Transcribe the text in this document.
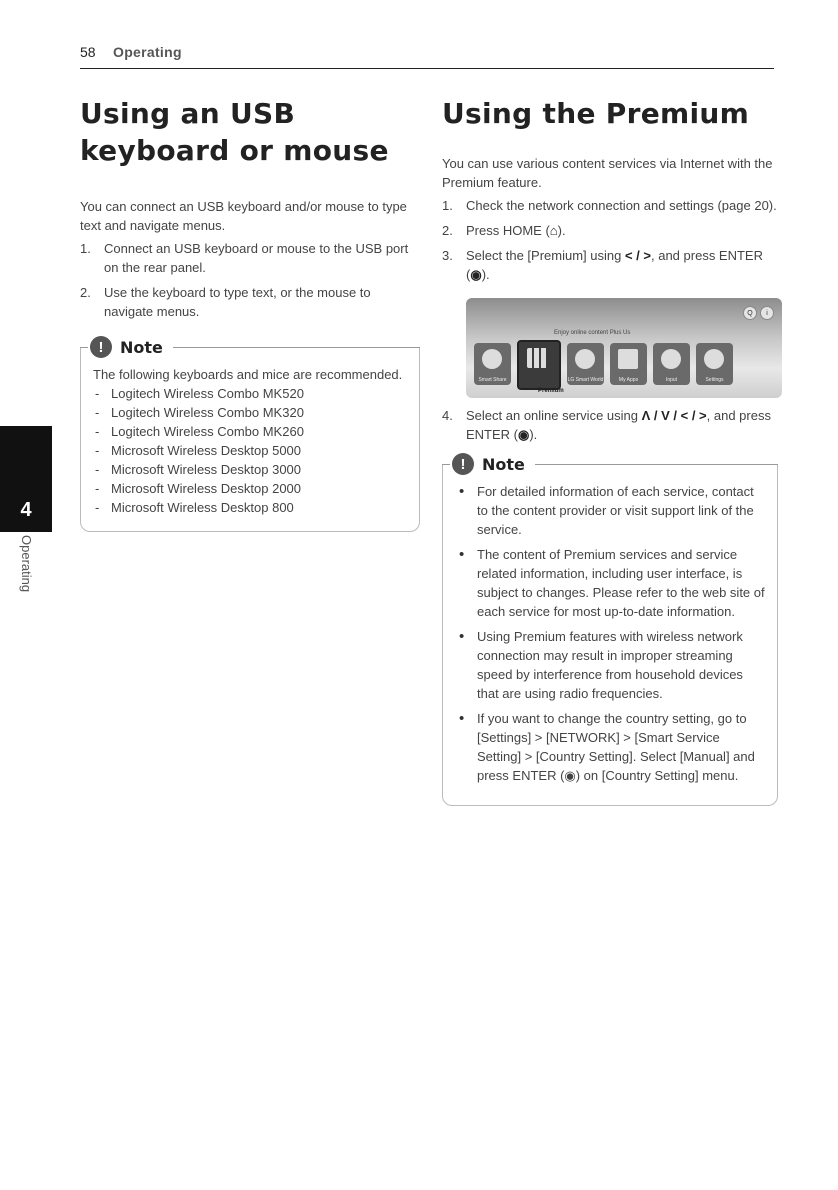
58 Operating
4
Operating
Using an USB keyboard or mouse
You can connect an USB keyboard and/or mouse to type text and navigate menus.
1. Connect an USB keyboard or mouse to the USB port on the rear panel.
2. Use the keyboard to type text, or the mouse to navigate menus.
!	Note
The following keyboards and mice are recommended.
- Logitech Wireless Combo MK520
- Logitech Wireless Combo MK320
- Logitech Wireless Combo MK260
- Microsoft Wireless Desktop 5000
- Microsoft Wireless Desktop 3000
- Microsoft Wireless Desktop 2000
- Microsoft Wireless Desktop 800
Using the Premium
You can use various content services via Internet with the Premium feature.
1. Check the network connection and settings (page 20).
2. Press HOME (⌂).
3. Select the [Premium] using < / >, and press ENTER (◉).
Q	i
Enjoy online content Plus Us
Smart Share	LG Smart World	My Apps	Input	Settings
Premium
4. Select an online service using Λ / V / < / >, and press ENTER (◉).
!	Note
• For detailed information of each service, contact to the content provider or visit support link of the service.
• The content of Premium services and service related information, including user interface, is subject to changes. Please refer to the web site of each service for most up-to-date information.
• Using Premium features with wireless network connection may result in improper streaming speed by interference from household devices that are using radio frequencies.
• If you want to change the country setting, go to [Settings] > [NETWORK] > [Smart Service Setting] > [Country Setting]. Select [Manual] and press ENTER (◉) on [Country Setting] menu.
